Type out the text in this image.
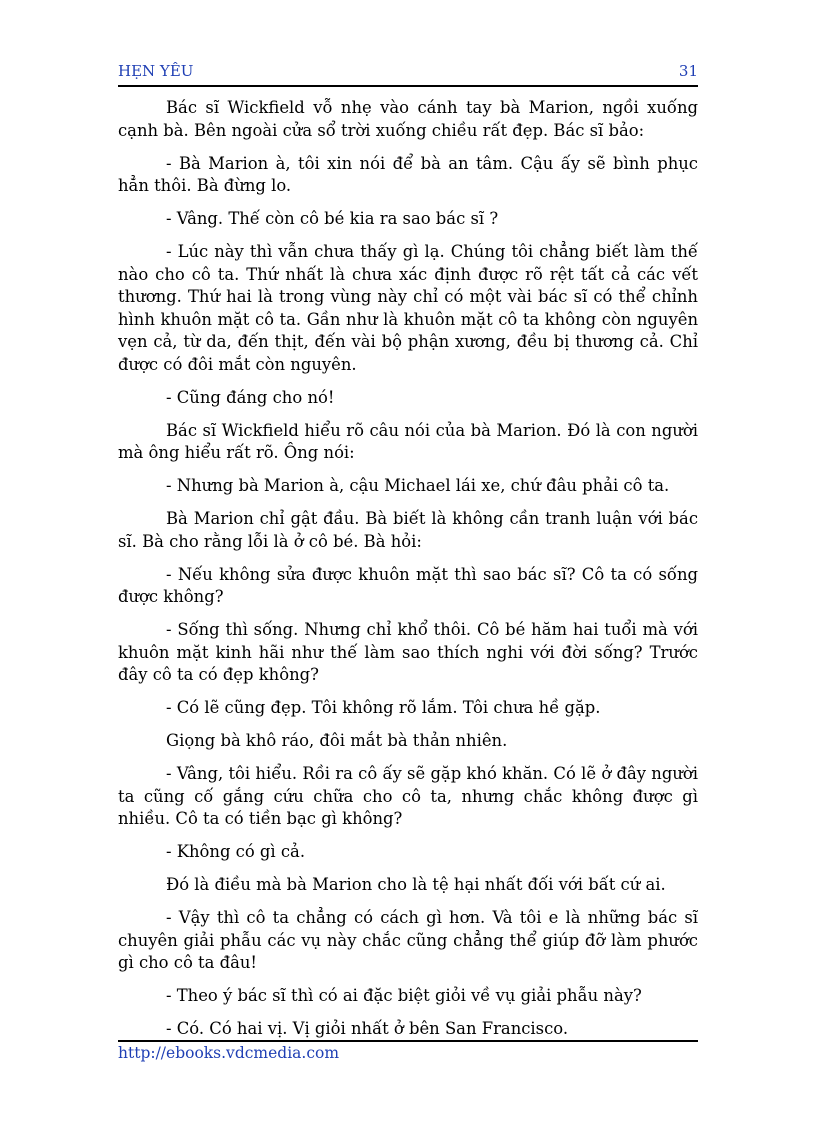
HẸN YÊU	31

Bác sĩ Wickfield vỗ nhẹ vào cánh tay bà Marion, ngồi xuống cạnh bà. Bên ngoài cửa sổ trời xuống chiều rất đẹp. Bác sĩ bảo:

- Bà Marion à, tôi xin nói để bà an tâm. Cậu ấy sẽ bình phục hẳn thôi. Bà đừng lo.

- Vâng. Thế còn cô bé kia ra sao bác sĩ ?

- Lúc này thì vẫn chưa thấy gì lạ. Chúng tôi chẳng biết làm thế nào cho cô ta. Thứ nhất là chưa xác định được rõ rệt tất cả các vết thương. Thứ hai là trong vùng này chỉ có một vài bác sĩ có thể chỉnh hình khuôn mặt cô ta. Gần như là khuôn mặt cô ta không còn nguyên vẹn cả, từ da, đến thịt, đến vài bộ phận xương, đều bị thương cả. Chỉ được có đôi mắt còn nguyên.

- Cũng đáng cho nó!

Bác sĩ Wickfield hiểu rõ câu nói của bà Marion. Đó là con người mà ông hiểu rất rõ. Ông nói:

- Nhưng bà Marion à, cậu Michael lái xe, chứ đâu phải cô ta.

Bà Marion chỉ gật đầu. Bà biết là không cần tranh luận với bác sĩ. Bà cho rằng lỗi là ở cô bé. Bà hỏi:

- Nếu không sửa được khuôn mặt thì sao bác sĩ? Cô ta có sống được không?

- Sống thì sống. Nhưng chỉ khổ thôi. Cô bé hăm hai tuổi mà với khuôn mặt kinh hãi như thế làm sao thích nghi với đời sống? Trước đây cô ta có đẹp không?

- Có lẽ cũng đẹp. Tôi không rõ lắm. Tôi chưa hề gặp.

Giọng bà khô ráo, đôi mắt bà thản nhiên.

- Vâng, tôi hiểu. Rồi ra cô ấy sẽ gặp khó khăn. Có lẽ ở đây người ta cũng cố gắng cứu chữa cho cô ta, nhưng chắc không được gì nhiều. Cô ta có tiền bạc gì không?

- Không có gì cả.

Đó là điều mà bà Marion cho là tệ hại nhất đối với bất cứ ai.

- Vậy thì cô ta chẳng có cách gì hơn. Và tôi e là những bác sĩ chuyên giải phẫu các vụ này chắc cũng chẳng thể giúp đỡ làm phước gì cho cô ta đâu!

- Theo ý bác sĩ thì có ai đặc biệt giỏi về vụ giải phẫu này?

- Có. Có hai vị. Vị giỏi nhất ở bên San Francisco.

http://ebooks.vdcmedia.com
